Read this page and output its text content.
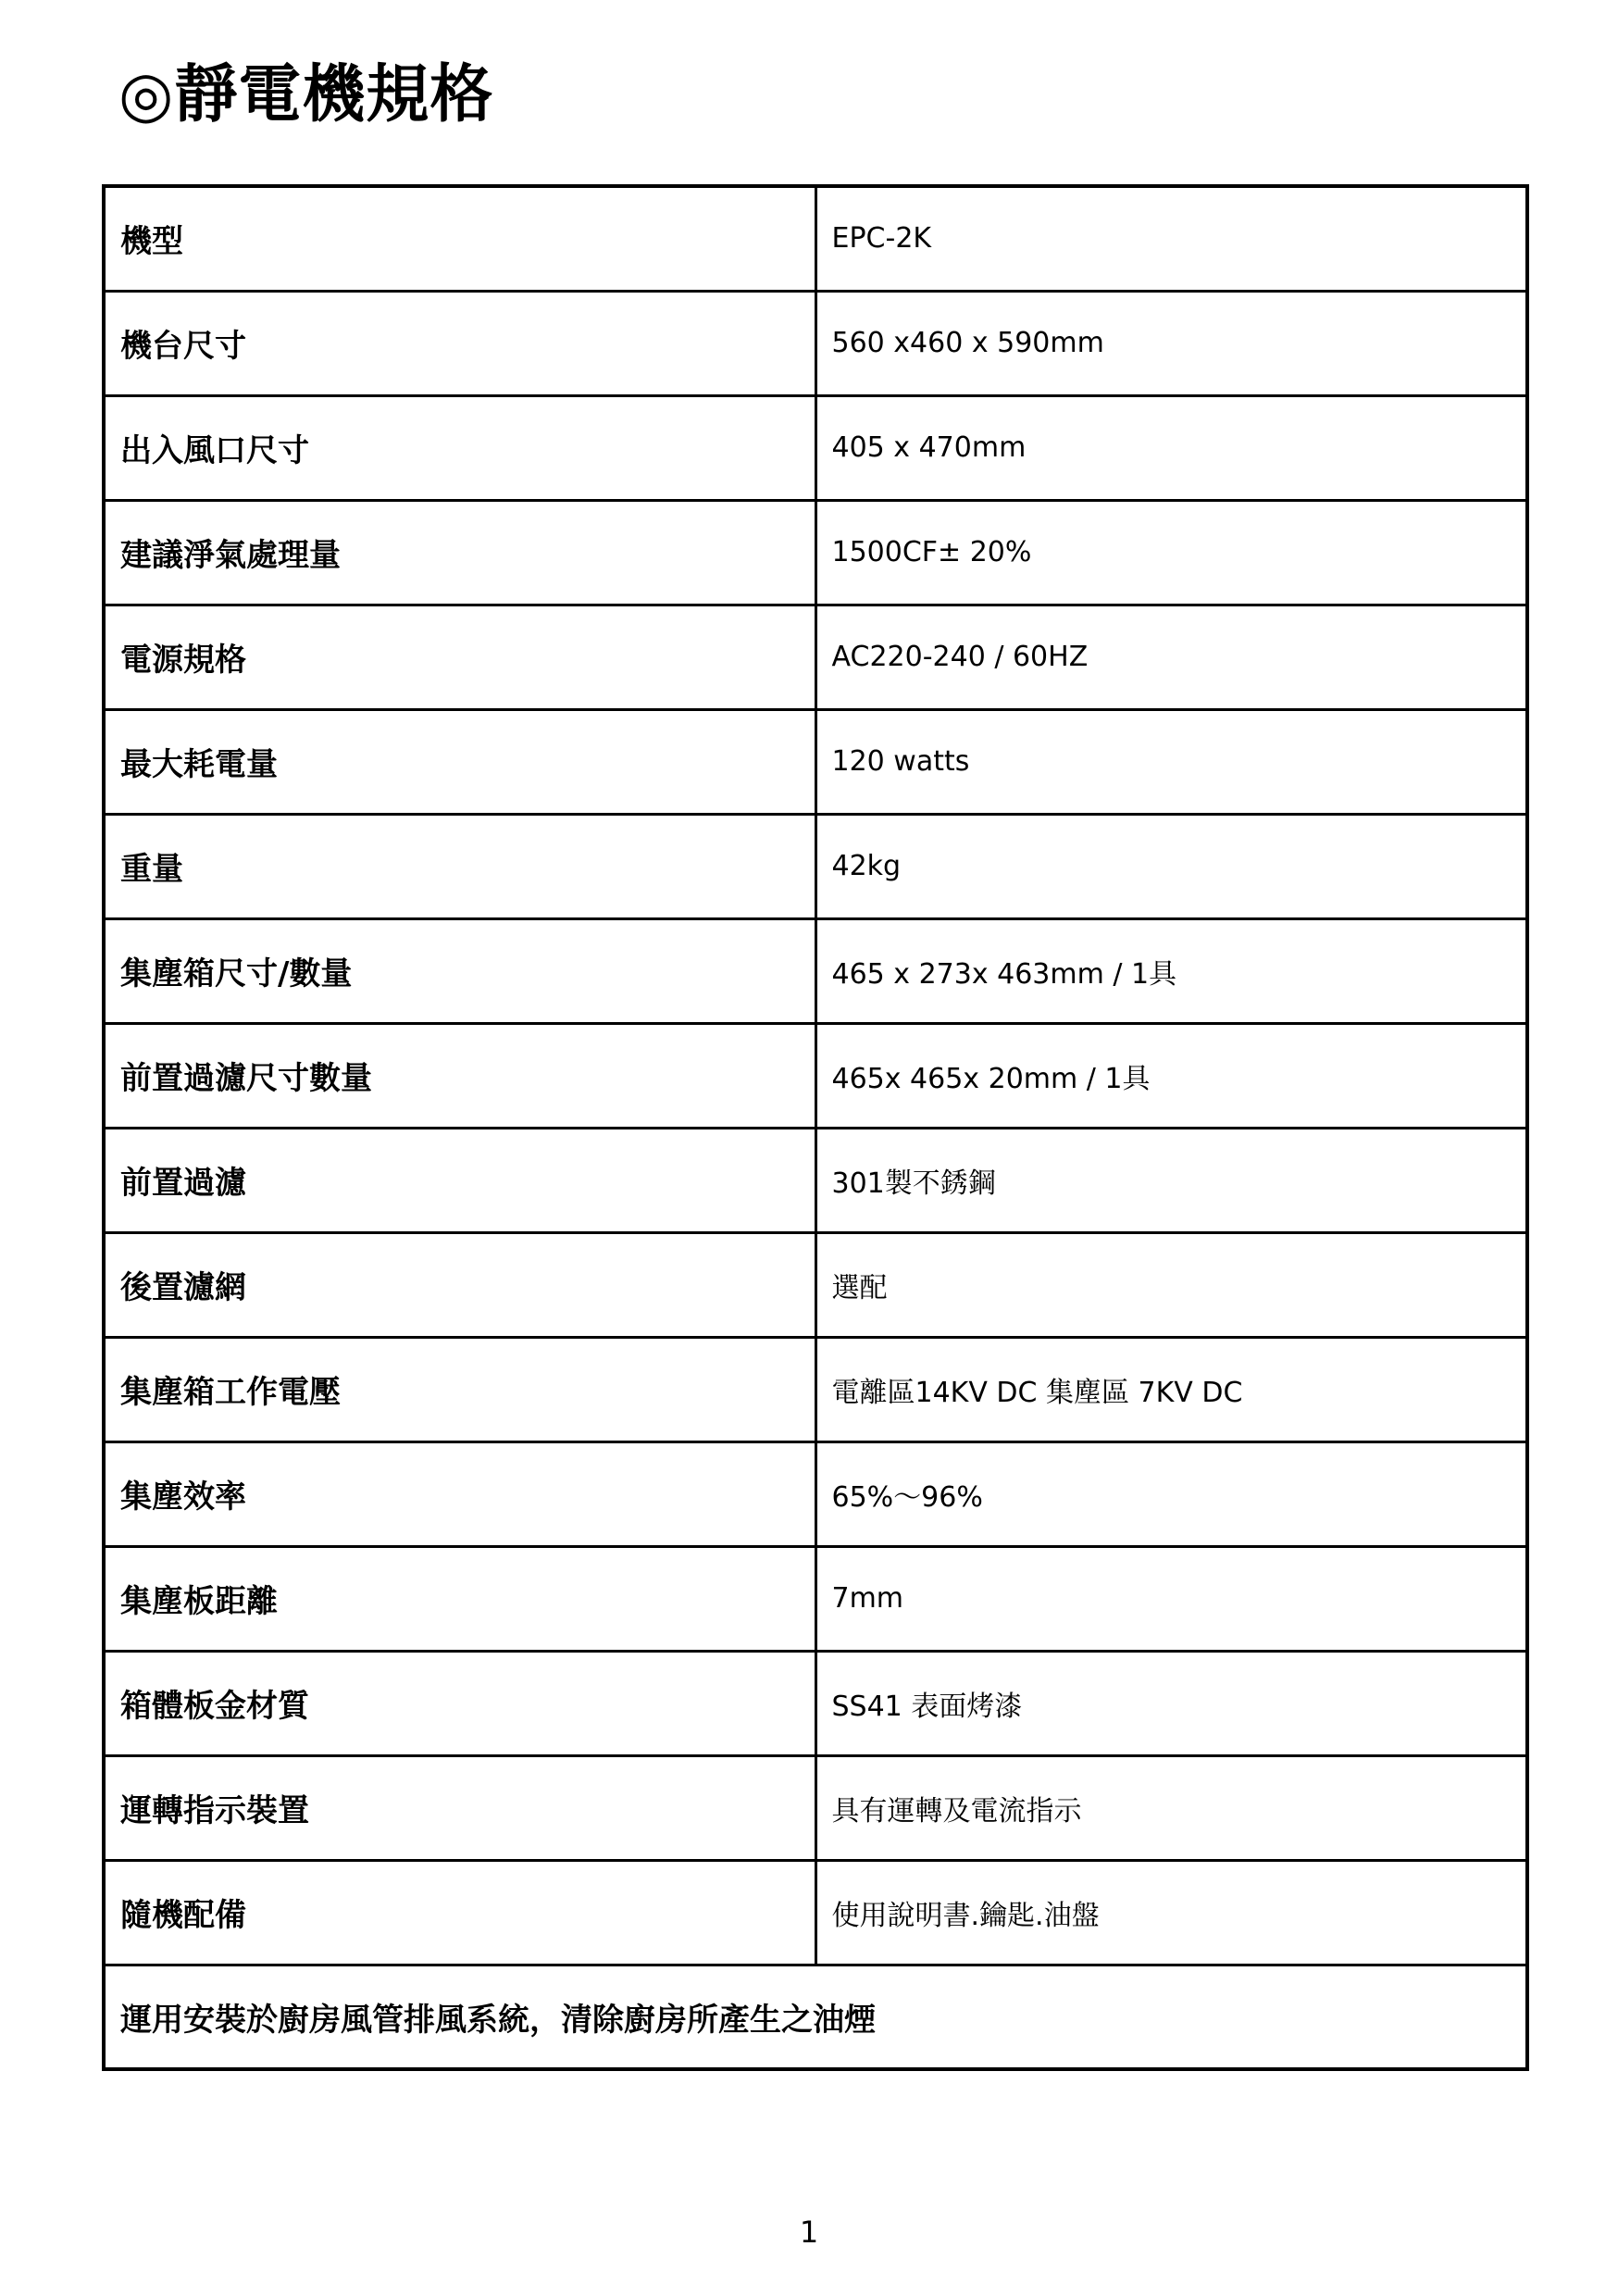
◎靜電機規格
機型	EPC-2K
機台尺寸	560 x460 x 590mm
出入風口尺寸	405 x 470mm
建議淨氣處理量	1500CF± 20%
電源規格	AC220-240 / 60HZ
最大耗電量	120 watts
重量	42kg
集塵箱尺寸/數量	465 x 273x 463mm / 1具
前置過濾尺寸數量	465x 465x 20mm / 1具
前置過濾	301製不銹鋼
後置濾網	選配
集塵箱工作電壓	電離區14KV DC 集塵區 7KV DC
集塵效率	65%～96%
集塵板距離	7mm
箱體板金材質	SS41 表面烤漆
運轉指示裝置	具有運轉及電流指示
隨機配備	使用說明書.鑰匙.油盤
運用安裝於廚房風管排風系統，清除廚房所產生之油煙	
1
